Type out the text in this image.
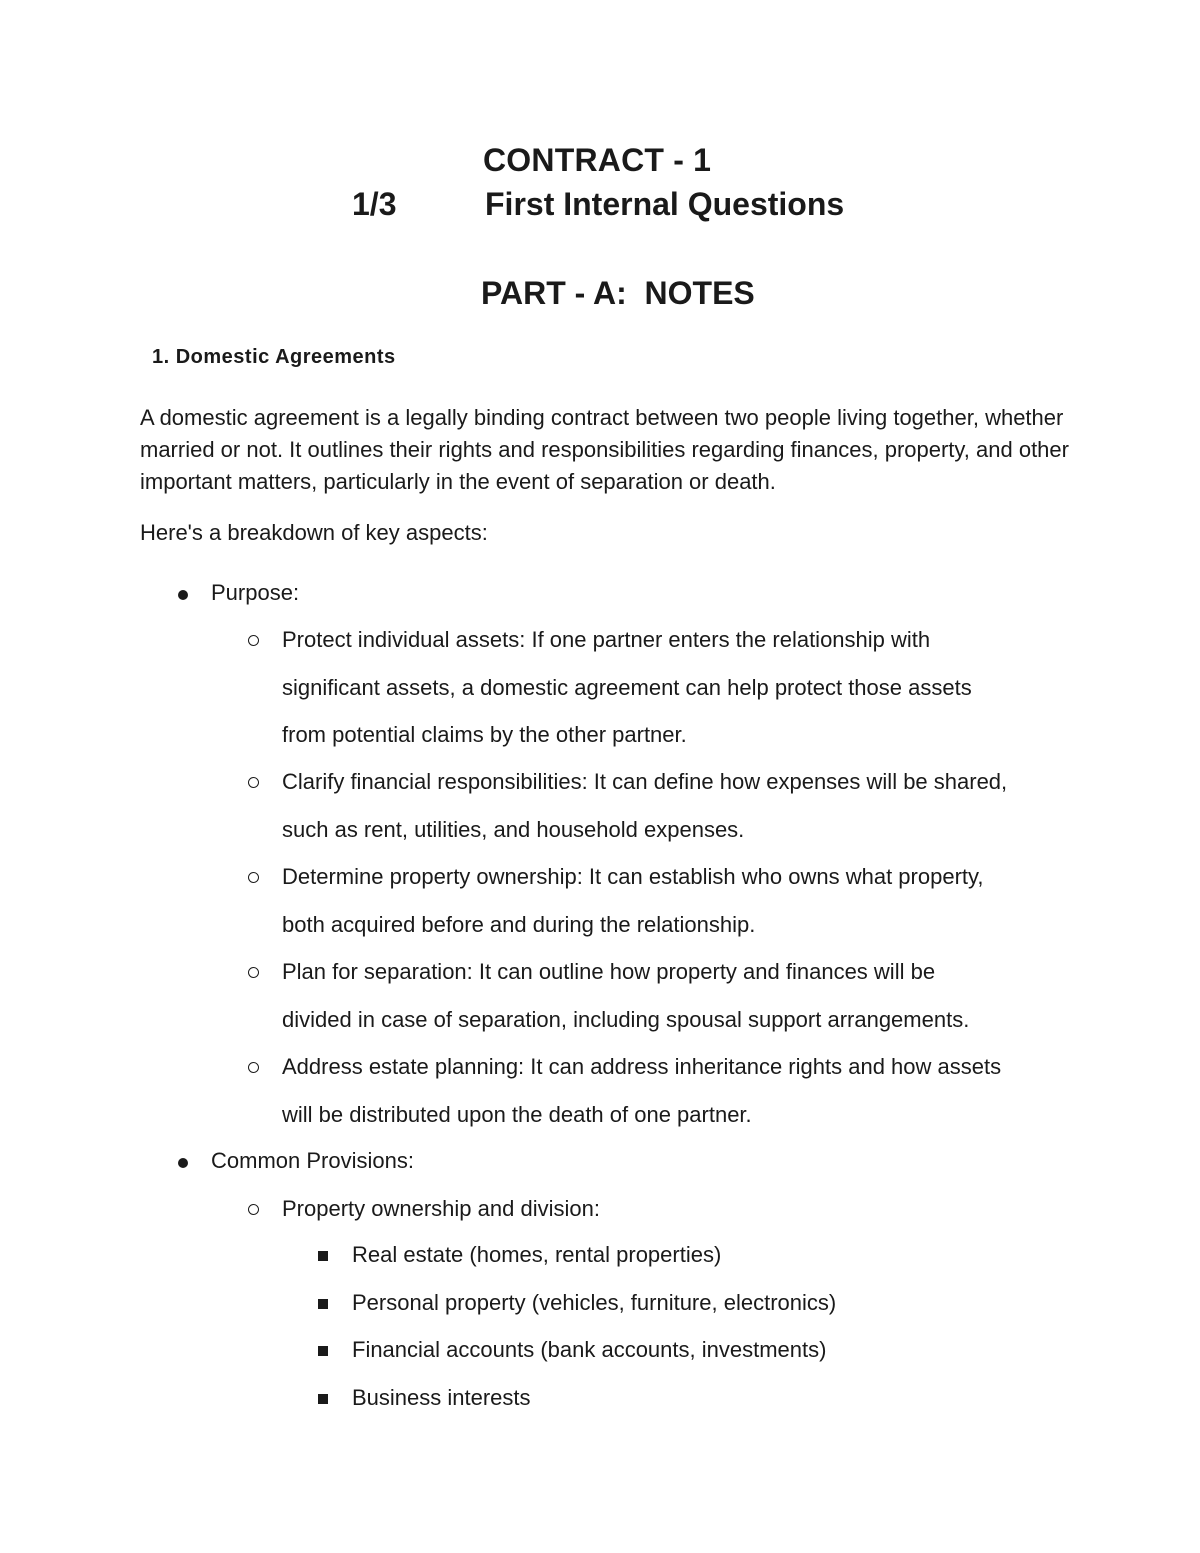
CONTRACT - 1
1/3	First Internal Questions
PART - A:  NOTES
1. Domestic Agreements
A domestic agreement is a legally binding contract between two people living together, whether married or not. It outlines their rights and responsibilities regarding finances, property, and other important matters, particularly in the event of separation or death.
Here's a breakdown of key aspects:
Purpose:
Protect individual assets: If one partner enters the relationship with
significant assets, a domestic agreement can help protect those assets
from potential claims by the other partner.
Clarify financial responsibilities: It can define how expenses will be shared,
such as rent, utilities, and household expenses.
Determine property ownership: It can establish who owns what property,
both acquired before and during the relationship.
Plan for separation: It can outline how property and finances will be
divided in case of separation, including spousal support arrangements.
Address estate planning: It can address inheritance rights and how assets
will be distributed upon the death of one partner.
Common Provisions:
Property ownership and division:
Real estate (homes, rental properties)
Personal property (vehicles, furniture, electronics)
Financial accounts (bank accounts, investments)
Business interests
